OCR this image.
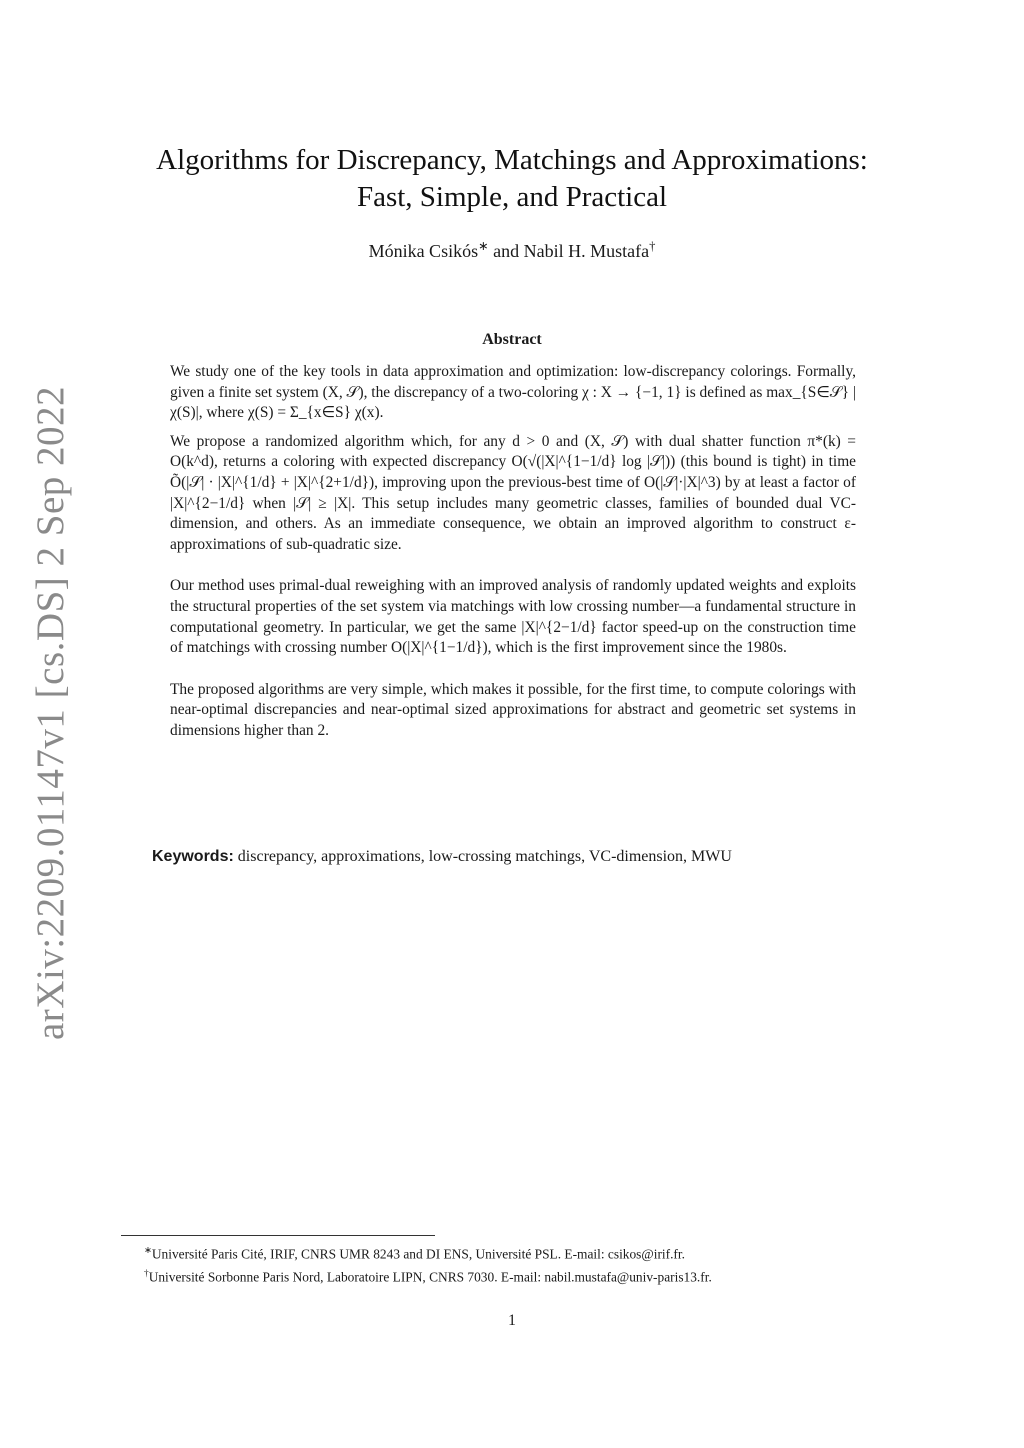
arXiv:2209.01147v1 [cs.DS] 2 Sep 2022
Algorithms for Discrepancy, Matchings and Approximations:
Fast, Simple, and Practical
Mónika Csikós∗ and Nabil H. Mustafa†
Abstract

We study one of the key tools in data approximation and optimization: low-discrepancy colorings. Formally, given a finite set system (X, 𝒮), the discrepancy of a two-coloring χ : X → {−1, 1} is defined as max_{S∈𝒮} |χ(S)|, where χ(S) = Σ_{x∈S} χ(x).

We propose a randomized algorithm which, for any d > 0 and (X, 𝒮) with dual shatter function π*(k) = O(k^d), returns a coloring with expected discrepancy O(√(|X|^{1−1/d} log |𝒮|)) (this bound is tight) in time Õ(|𝒮| · |X|^{1/d} + |X|^{2+1/d}), improving upon the previous-best time of O(|𝒮|·|X|^3) by at least a factor of |X|^{2−1/d} when |𝒮| ≥ |X|. This setup includes many geometric classes, families of bounded dual VC-dimension, and others. As an immediate consequence, we obtain an improved algorithm to construct ε-approximations of sub-quadratic size.

Our method uses primal-dual reweighing with an improved analysis of randomly updated weights and exploits the structural properties of the set system via matchings with low crossing number—a fundamental structure in computational geometry. In particular, we get the same |X|^{2−1/d} factor speed-up on the construction time of matchings with crossing number O(|X|^{1−1/d}), which is the first improvement since the 1980s.

The proposed algorithms are very simple, which makes it possible, for the first time, to compute colorings with near-optimal discrepancies and near-optimal sized approximations for abstract and geometric set systems in dimensions higher than 2.

Keywords: discrepancy, approximations, low-crossing matchings, VC-dimension, MWU
∗Université Paris Cité, IRIF, CNRS UMR 8243 and DI ENS, Université PSL. E-mail: csikos@irif.fr.
†Université Sorbonne Paris Nord, Laboratoire LIPN, CNRS 7030. E-mail: nabil.mustafa@univ-paris13.fr.
1
